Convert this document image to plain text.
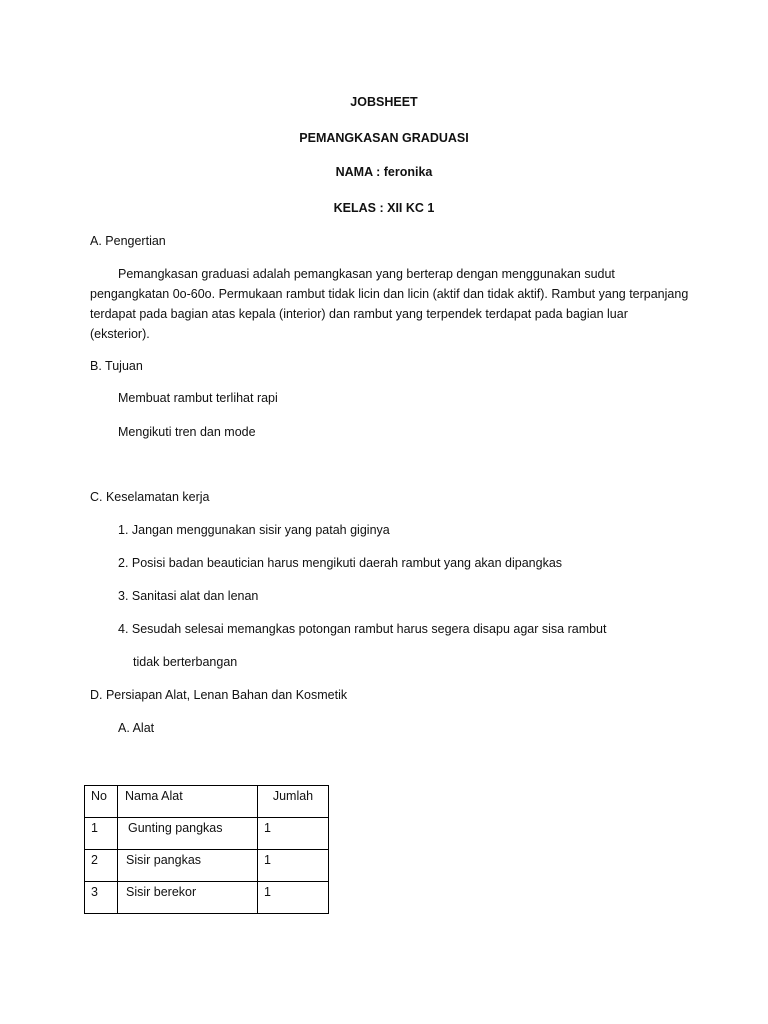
JOBSHEET
PEMANGKASAN GRADUASI
NAMA : feronika
KELAS : XII KC 1
A. Pengertian
Pemangkasan graduasi adalah pemangkasan yang berterap dengan menggunakan sudut pengangkatan 0o-60o. Permukaan rambut tidak licin dan licin (aktif dan tidak aktif). Rambut yang terpanjang terdapat pada bagian atas kepala (interior) dan rambut yang terpendek terdapat pada bagian luar (eksterior).
B. Tujuan
Membuat rambut terlihat rapi
Mengikuti tren dan mode
C. Keselamatan kerja
1. Jangan menggunakan sisir yang patah giginya
2. Posisi badan beautician harus mengikuti daerah rambut yang akan dipangkas
3. Sanitasi alat dan lenan
4. Sesudah selesai memangkas potongan rambut harus segera disapu agar sisa rambut
tidak berterbangan
D. Persiapan Alat, Lenan Bahan dan Kosmetik
A. Alat
No	Nama Alat	Jumlah
1	Gunting pangkas	1
2	Sisir pangkas	1
3	Sisir berekor	1
